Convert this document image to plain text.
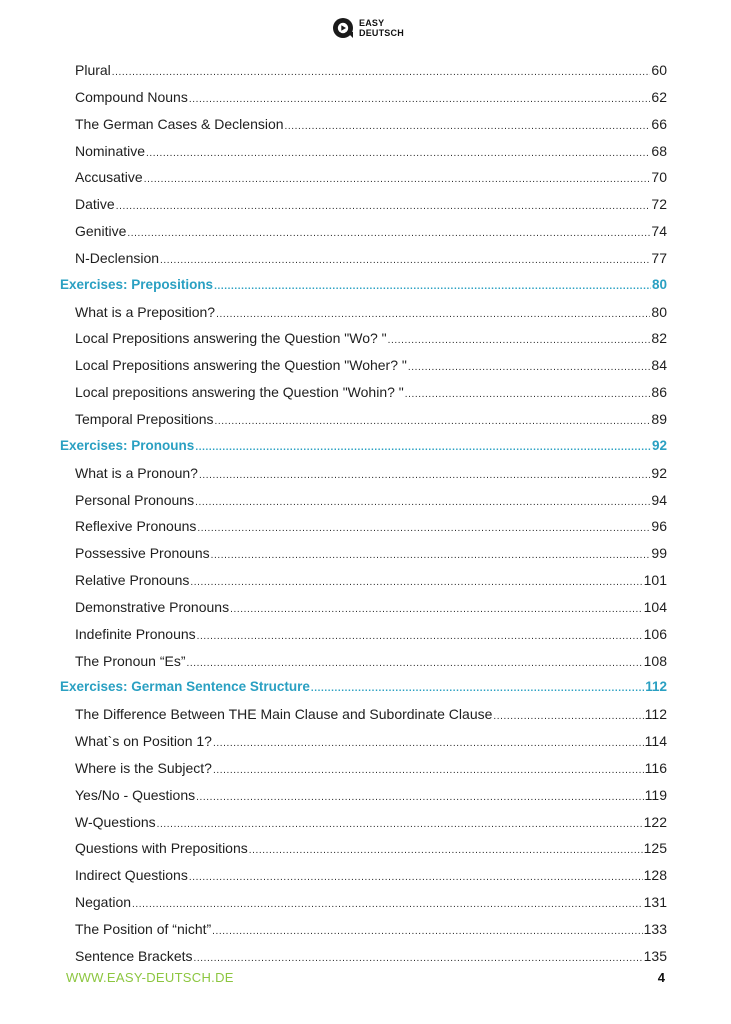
EASY
DEUTSCH
Plural .....	60
Compound Nouns .....	62
The German Cases & Declension .....	66
Nominative .....	68
Accusative .....	70
Dative .....	72
Genitive .....	74
N-Declension .....	77
Exercises: Prepositions .....	80
What is a Preposition? .....	80
Local Prepositions answering the Question "Wo? " .....	82
Local Prepositions answering the Question "Woher? " .....	84
Local prepositions answering the Question "Wohin? " .....	86
Temporal Prepositions .....	89
Exercises: Pronouns .....	92
What is a Pronoun? .....	92
Personal Pronouns .....	94
Reflexive Pronouns .....	96
Possessive Pronouns .....	99
Relative Pronouns .....	101
Demonstrative Pronouns .....	104
Indefinite Pronouns .....	106
The Pronoun “Es” .....	108
Exercises: German Sentence Structure .....	112
The Difference Between THE Main Clause and Subordinate Clause .....	112
What`s on Position 1? .....	114
Where is the Subject? .....	116
Yes/No - Questions .....	119
W-Questions .....	122
Questions with Prepositions .....	125
Indirect Questions .....	128
Negation .....	131
The Position of “nicht” .....	133
Sentence Brackets .....	135
WWW.EASY-DEUTSCH.DE	4
